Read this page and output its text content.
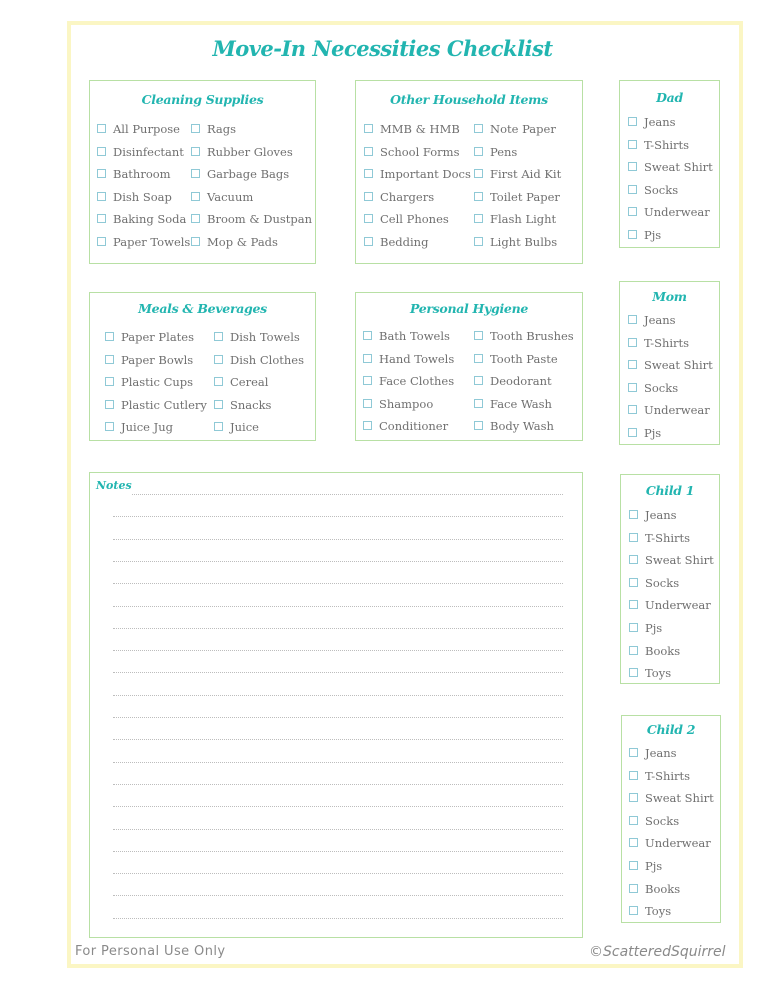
Move-In Necessities Checklist
Cleaning Supplies
All Purpose
Disinfectant
Bathroom
Dish Soap
Baking Soda
Paper Towels
Rags
Rubber Gloves
Garbage Bags
Vacuum
Broom & Dustpan
Mop & Pads
Other Household Items
MMB & HMB
School Forms
Important Docs
Chargers
Cell Phones
Bedding
Note Paper
Pens
First Aid Kit
Toilet Paper
Flash Light
Light Bulbs
Dad
Jeans
T-Shirts
Sweat Shirt
Socks
Underwear
Pjs
Meals & Beverages
Paper Plates
Paper Bowls
Plastic Cups
Plastic Cutlery
Juice Jug
Dish Towels
Dish Clothes
Cereal
Snacks
Juice
Personal Hygiene
Bath Towels
Hand Towels
Face Clothes
Shampoo
Conditioner
Tooth Brushes
Tooth Paste
Deodorant
Face Wash
Body Wash
Mom
Jeans
T-Shirts
Sweat Shirt
Socks
Underwear
Pjs
Notes	Child 1
Jeans
T-Shirts
Sweat Shirt
Socks
Underwear
Pjs
Books
Toys
Child 2
Jeans
T-Shirts
Sweat Shirt
Socks
Underwear
Pjs
Books
Toys
For Personal Use Only	©ScatteredSquirrel
